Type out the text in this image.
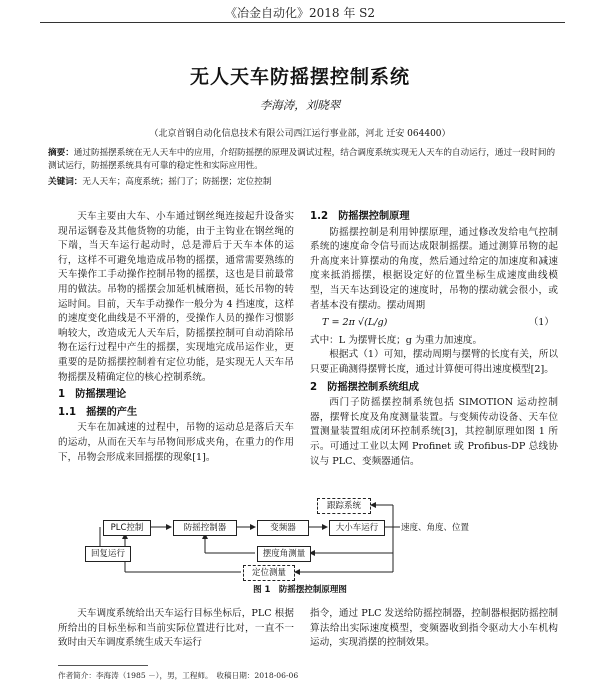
《冶金自动化》2018 年 S2
无人天车防摇摆控制系统
李海涛，刘晓翠
（北京首钢自动化信息技术有限公司西江运行事业部，河北 迁安 064400）
摘要：通过防摇摆系统在无人天车中的应用，介绍防摇摆的原理及调试过程，结合调度系统实现无人天车的自动运行，通过一段时间的测试运行，防摇摆系统具有可靠的稳定性和实际应用性。
关键词：无人天车；高度系统；摇门了；防摇摆；定位控制

天车主要由大车、小车通过钢丝绳连接起升设备实现吊运钢卷及其他货物的功能，由于主钩业在钢丝绳的下端，当天车运行起动时，总是滞后于天车本体的运行，这样不可避免地造成吊物的摇摆，通常需要熟练的天车操作工手动操作控制吊物的摇摆，这也是目前最常用的做法。吊物的摇摆会加延机械磨损，延长吊物的转运时间。目前，天车手动操作一般分为 4 挡速度，这样的速度变化曲线是不平滑的，受操作人员的操作习惯影响较大，改造成无人天车后，防摇摆控制可自动消除吊物在运行过程中产生的摇摆，实现地完成吊运作业，更重要的是防摇摆控制着有定位功能，是实现无人天车吊物摇摆及精确定位的核心控制系统。

1　防摇摆理论
1.1　摇摆的产生

天车在加减速的过程中，吊物的运动总是落后天车的运动，从而在天车与吊物间形成夹角，在重力的作用下，吊物会形成来回摇摆的现象[1]。

1.2　防摇摆控制原理

防摇摆控制是利用钟摆原理，通过修改发给电气控制系统的速度命令信号而达成限制摇摆。通过测算吊物的起升高度来计算摆动的角度，然后通过给定的加速度和减速度来抵消摇摆，根据设定好的位置坐标生成速度曲线模型，当天车达到设定的速度时，吊物的摆动就会很小，或者基本没有摆动。摆动周期

T = 2π √(L/g)	（1）
式中：L 为摆臂长度；g 为重力加速度。

根据式（1）可知，摆动周期与摆臂的长度有关，所以只要正确测得摆臂长度，通过计算便可得出速度模型[2]。

2　防摇摆控制系统组成

西门子防摇摆控制系统包括 SIMOTION 运动控制器，摆臂长度及角度测量装置。与变频传动设备、天车位置测量装置组成闭环控制系统[3]，其控制原理如图 1 所示。可通过工业以太网 Profinet 或 Profibus-DP 总线协议与 PLC、变频器通信。

PLC控制	防摇控制器	变频器	大小车运行
跟踪系统
摆度角测量
定位测量
回复运行
速度、角度、位置
图 1　防摇摆控制原理图

天车调度系统给出天车运行目标坐标后，PLC 根据所给出的目标坐标和当前实际位置进行比对，一直不一致时由天车调度系统生成天车运行

指令，通过 PLC 发送给防摇控制器，控制器根据防摇控制算法给出实际速度模型，变频器收到指令驱动大小车机构运动，实现消摆的控制效果。

作者简介：李海涛（1985 －），男，工程师。　收稿日期：2018-06-06
